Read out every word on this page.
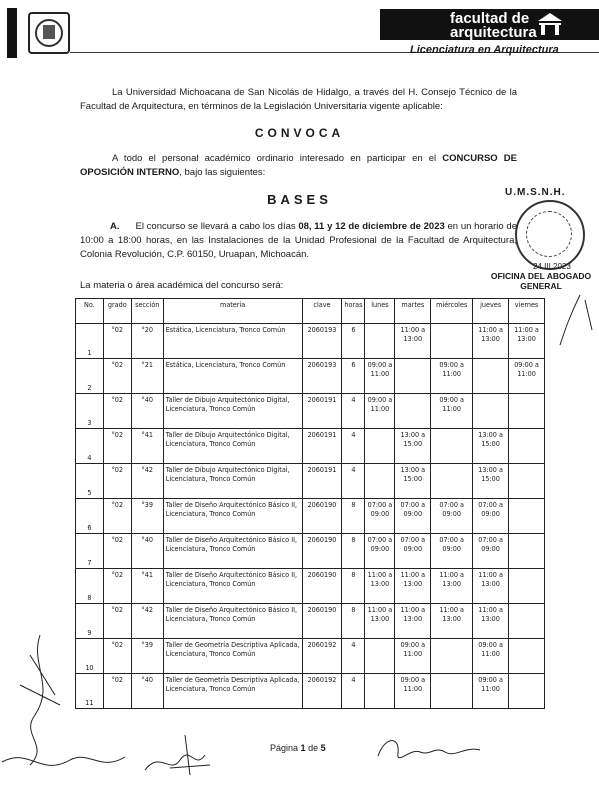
facultad de
arquitectura
Licenciatura en Arquitectura

La Universidad Michoacana de San Nicolás de Hidalgo, a través del H. Consejo Técnico de la Facultad de Arquitectura, en términos de la Legislación Universitaria vigente aplicable:

CONVOCA

A todo el personal académico ordinario interesado en participar en el CONCURSO DE OPOSICIÓN INTERNO, bajo las siguientes:

BASES	U.M.S.N.H.
24 III 2023
OFICINA DEL ABOGADO
GENERAL

A. El concurso se llevará a cabo los días 08, 11 y 12 de diciembre de 2023 en un horario de 10:00 a 18:00 horas, en las Instalaciones de la Unidad Profesional de la Facultad de Arquitectura, Colonia Revolución, C.P. 60150, Uruapan, Michoacán.

La materia o área académica del concurso será:

No.	grado	sección	materia	clave	horas	lunes	martes	miércoles	jueves	viernes
1	°02	°20	Estática, Licenciatura, Tronco Común	2060193	6		11:00 a 13:00		11:00 a 13:00	11:00 a 13:00
2	°02	°21	Estática, Licenciatura, Tronco Común	2060193	6	09:00 a 11:00		09:00 a 11:00		09:00 a 11:00
3	°02	°40	Taller de Dibujo Arquitectónico Digital, Licenciatura, Tronco Común	2060191	4	09:00 a 11:00		09:00 a 11:00		
4	°02	°41	Taller de Dibujo Arquitectónico Digital, Licenciatura, Tronco Común	2060191	4		13:00 a 15:00		13:00 a 15:00	
5	°02	°42	Taller de Dibujo Arquitectónico Digital, Licenciatura, Tronco Común	2060191	4		13:00 a 15:00		13:00 a 15:00	
6	°02	°39	Taller de Diseño Arquitectónico Básico II, Licenciatura, Tronco Común	2060190	8	07:00 a 09:00	07:00 a 09:00	07:00 a 09:00	07:00 a 09:00	
7	°02	°40	Taller de Diseño Arquitectónico Básico II, Licenciatura, Tronco Común	2060190	8	07:00 a 09:00	07:00 a 09:00	07:00 a 09:00	07:00 a 09:00	
8	°02	°41	Taller de Diseño Arquitectónico Básico II, Licenciatura, Tronco Común	2060190	8	11:00 a 13:00	11:00 a 13:00	11:00 a 13:00	11:00 a 13:00	
9	°02	°42	Taller de Diseño Arquitectónico Básico II, Licenciatura, Tronco Común	2060190	8	11:00 a 13:00	11:00 a 13:00	11:00 a 13:00	11:00 a 13:00	
10	°02	°39	Taller de Geometría Descriptiva Aplicada, Licenciatura, Tronco Común	2060192	4		09:00 a 11:00		09:00 a 11:00	
11	°02	°40	Taller de Geometría Descriptiva Aplicada, Licenciatura, Tronco Común	2060192	4		09:00 a 11:00		09:00 a 11:00	
Página 1 de 5
